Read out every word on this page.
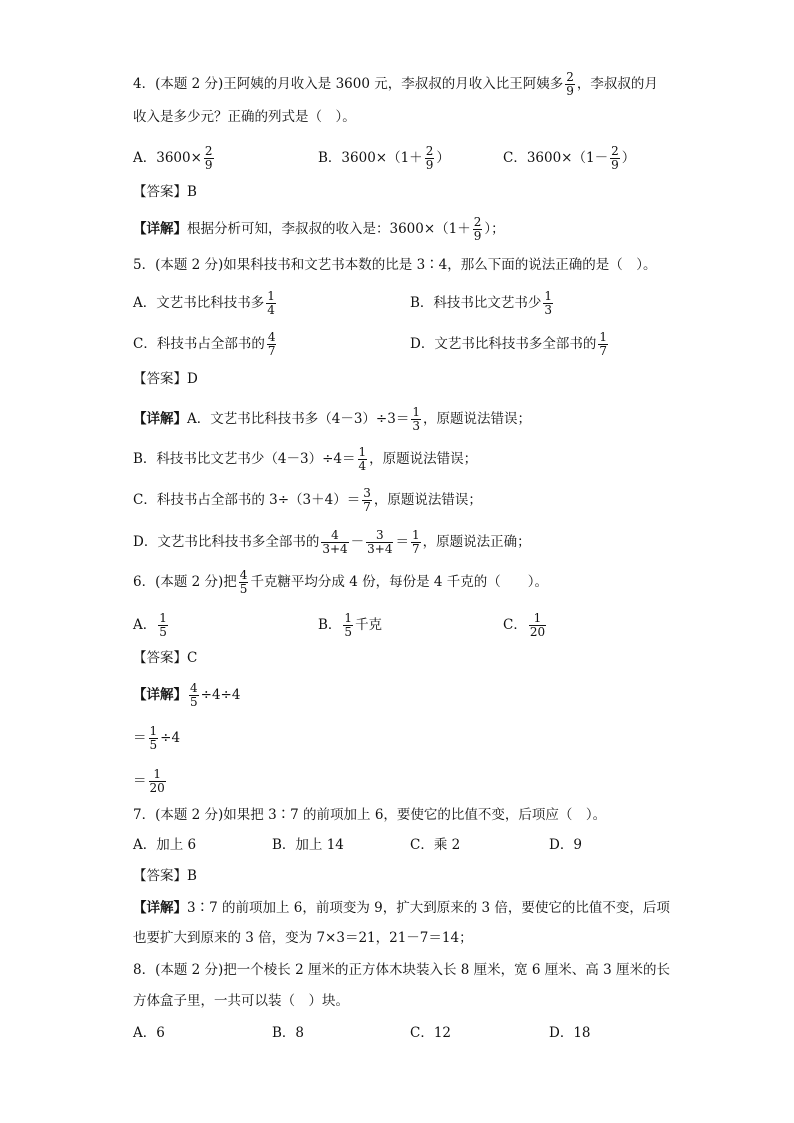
4．(本题 2 分)王阿姨的月收入是 3600 元，李叔叔的月收入比王阿姨多 $\frac{2}{9}$ ，李叔叔的月
收入是多少元？正确的列式是（　）。
A．$3600\times \frac{2}{9}$	B．$3600\times(1+ \frac{2}{9}$ ）	C．$3600\times(1- \frac{2}{9}$ ）
【答案】B
【详解】根据分析可知，李叔叔的收入是：$3600\times(1+ \frac{2}{9}$ ）；
5．(本题 2 分)如果科技书和文艺书本数的比是 3∶4，那么下面的说法正确的是（　）。
A．文艺书比科技书多 $\frac{1}{4}$	B．科技书比文艺书少 $\frac{1}{3}$
C．科技书占全部书的 $\frac{4}{7}$	D．文艺书比科技书多全部书的 $\frac{1}{7}$
【答案】D
【详解】A．文艺书比科技书多$(4-3)\div 3= \frac{1}{3}$ ，原题说法错误；
B．科技书比文艺书少$(4-3)\div 4= \frac{1}{4}$ ，原题说法错误；
C．科技书占全部书的 $3\div(3+4)= \frac{3}{7}$ ，原题说法错误；
D．文艺书比科技书多全部书的 $\frac{4}{3+4} - \frac{3}{3+4} = \frac{1}{7}$ ，原题说法正确；
6．(本题 2 分)把 $\frac{4}{5}$ 千克糖平均分成 4 份，每份是 4 千克的（　　）。
A． $\frac{1}{5}$	B． $\frac{1}{5}$ 千克	C． $\frac{1}{20}$
【答案】C
【详解】 $\frac{4}{5} \div 4\div 4$
＝ $\frac{1}{5} \div 4$
＝ $\frac{1}{20}$
7．(本题 2 分)如果把 3∶7 的前项加上 6，要使它的比值不变，后项应（　）。
A．加上 6	B．加上 14	C．乘 2	D．9
【答案】B
【详解】3∶7 的前项加上 6，前项变为 9，扩大到原来的 3 倍，要使它的比值不变，后项
也要扩大到原来的 3 倍，变为 7×3＝21，21－7＝14；
8．(本题 2 分)把一个棱长 2 厘米的正方体木块装入长 8 厘米，宽 6 厘米、高 3 厘米的长
方体盒子里，一共可以装（　）块。
A．6	B．8	C．12	D．18
